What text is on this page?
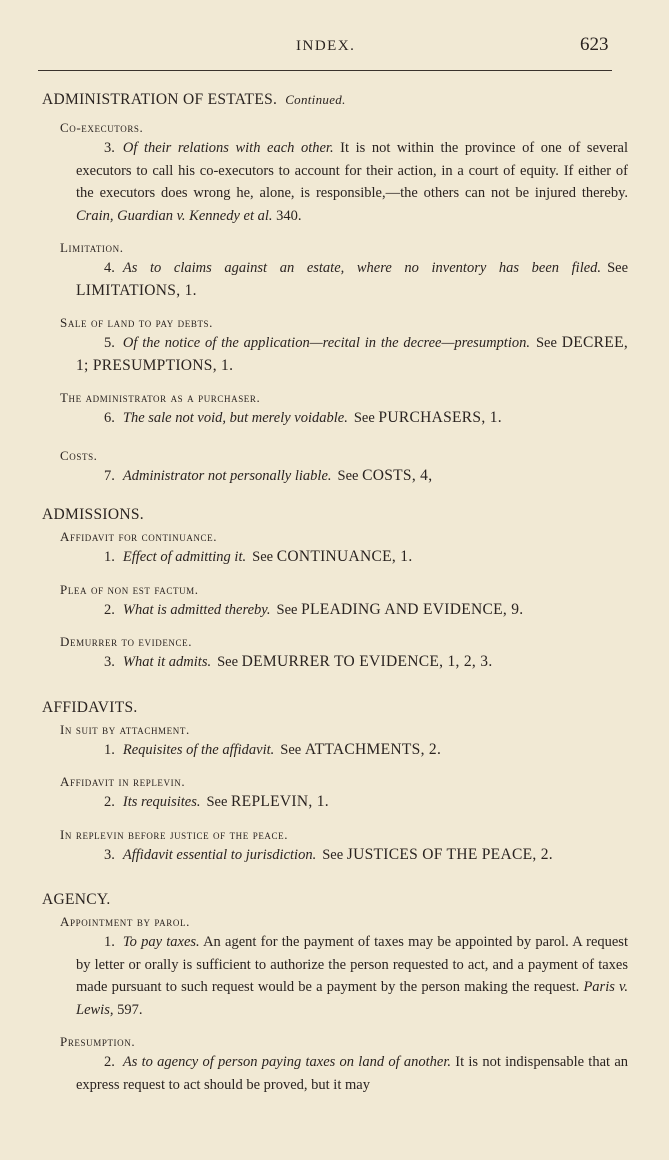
INDEX.	623

ADMINISTRATION OF ESTATES. Continued.

Co-executors.

3. Of their relations with each other. It is not within the province of one of several executors to call his co-executors to account for their action, in a court of equity. If either of the executors does wrong he, alone, is responsible,—the others can not be injured thereby. Crain, Guardian v. Kennedy et al. 340.

Limitation.

4. As to claims against an estate, where no inventory has been filed. See LIMITATIONS, 1.

Sale of land to pay debts.

5. Of the notice of the application—recital in the decree—presumption. See DECREE, 1; PRESUMPTIONS, 1.

The administrator as a purchaser.

6. The sale not void, but merely voidable. See PURCHASERS, 1.

Costs.

7. Administrator not personally liable. See COSTS, 4,

ADMISSIONS.

Affidavit for continuance.

1. Effect of admitting it. See CONTINUANCE, 1.

Plea of non est factum.

2. What is admitted thereby. See PLEADING AND EVIDENCE, 9.

Demurrer to evidence.

3. What it admits. See DEMURRER TO EVIDENCE, 1, 2, 3.

AFFIDAVITS.

In suit by attachment.

1. Requisites of the affidavit. See ATTACHMENTS, 2.

Affidavit in replevin.

2. Its requisites. See REPLEVIN, 1.

In replevin before justice of the peace.

3. Affidavit essential to jurisdiction. See JUSTICES OF THE PEACE, 2.

AGENCY.

Appointment by parol.

1. To pay taxes. An agent for the payment of taxes may be appointed by parol. A request by letter or orally is sufficient to authorize the person requested to act, and a payment of taxes made pursuant to such request would be a payment by the person making the request. Paris v. Lewis, 597.

Presumption.

2. As to agency of person paying taxes on land of another. It is not indispensable that an express request to act should be proved, but it may
